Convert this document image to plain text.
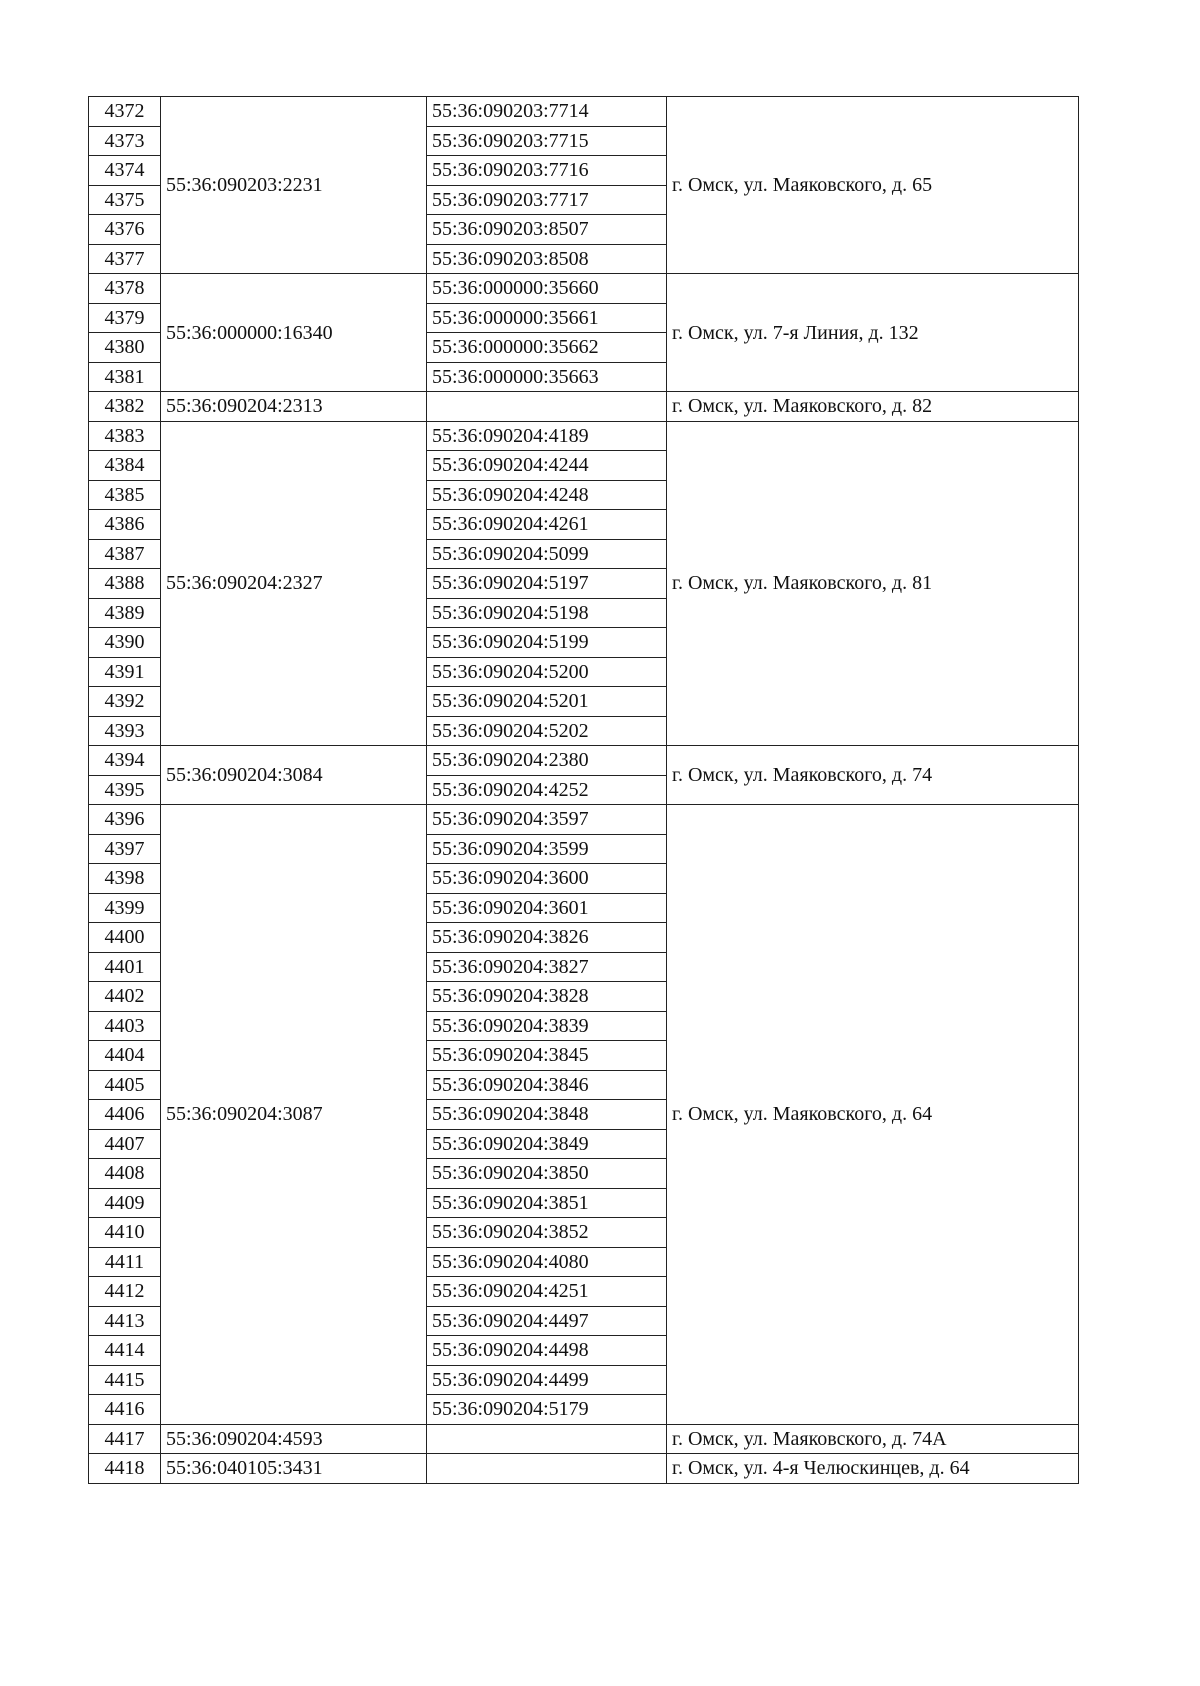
4372	55:36:090203:2231	55:36:090203:7714	г. Омск, ул. Маяковского, д. 65
4373		55:36:090203:7715	
4374		55:36:090203:7716	
4375		55:36:090203:7717	
4376		55:36:090203:8507	
4377		55:36:090203:8508	
4378	55:36:000000:16340	55:36:000000:35660	г. Омск, ул. 7-я Линия, д. 132
4379		55:36:000000:35661	
4380		55:36:000000:35662	
4381		55:36:000000:35663	
4382	55:36:090204:2313		г. Омск, ул. Маяковского, д. 82
4383	55:36:090204:2327	55:36:090204:4189	г. Омск, ул. Маяковского, д. 81
4384		55:36:090204:4244	
4385		55:36:090204:4248	
4386		55:36:090204:4261	
4387		55:36:090204:5099	
4388		55:36:090204:5197	
4389		55:36:090204:5198	
4390		55:36:090204:5199	
4391		55:36:090204:5200	
4392		55:36:090204:5201	
4393		55:36:090204:5202	
4394	55:36:090204:3084	55:36:090204:2380	г. Омск, ул. Маяковского, д. 74
4395		55:36:090204:4252	
4396	55:36:090204:3087	55:36:090204:3597	г. Омск, ул. Маяковского, д. 64
4397		55:36:090204:3599	
4398		55:36:090204:3600	
4399		55:36:090204:3601	
4400		55:36:090204:3826	
4401		55:36:090204:3827	
4402		55:36:090204:3828	
4403		55:36:090204:3839	
4404		55:36:090204:3845	
4405		55:36:090204:3846	
4406		55:36:090204:3848	
4407		55:36:090204:3849	
4408		55:36:090204:3850	
4409		55:36:090204:3851	
4410		55:36:090204:3852	
4411		55:36:090204:4080	
4412		55:36:090204:4251	
4413		55:36:090204:4497	
4414		55:36:090204:4498	
4415		55:36:090204:4499	
4416		55:36:090204:5179	
4417	55:36:090204:4593		г. Омск, ул. Маяковского, д. 74А
4418	55:36:040105:3431		г. Омск, ул. 4-я Челюскинцев, д. 64
